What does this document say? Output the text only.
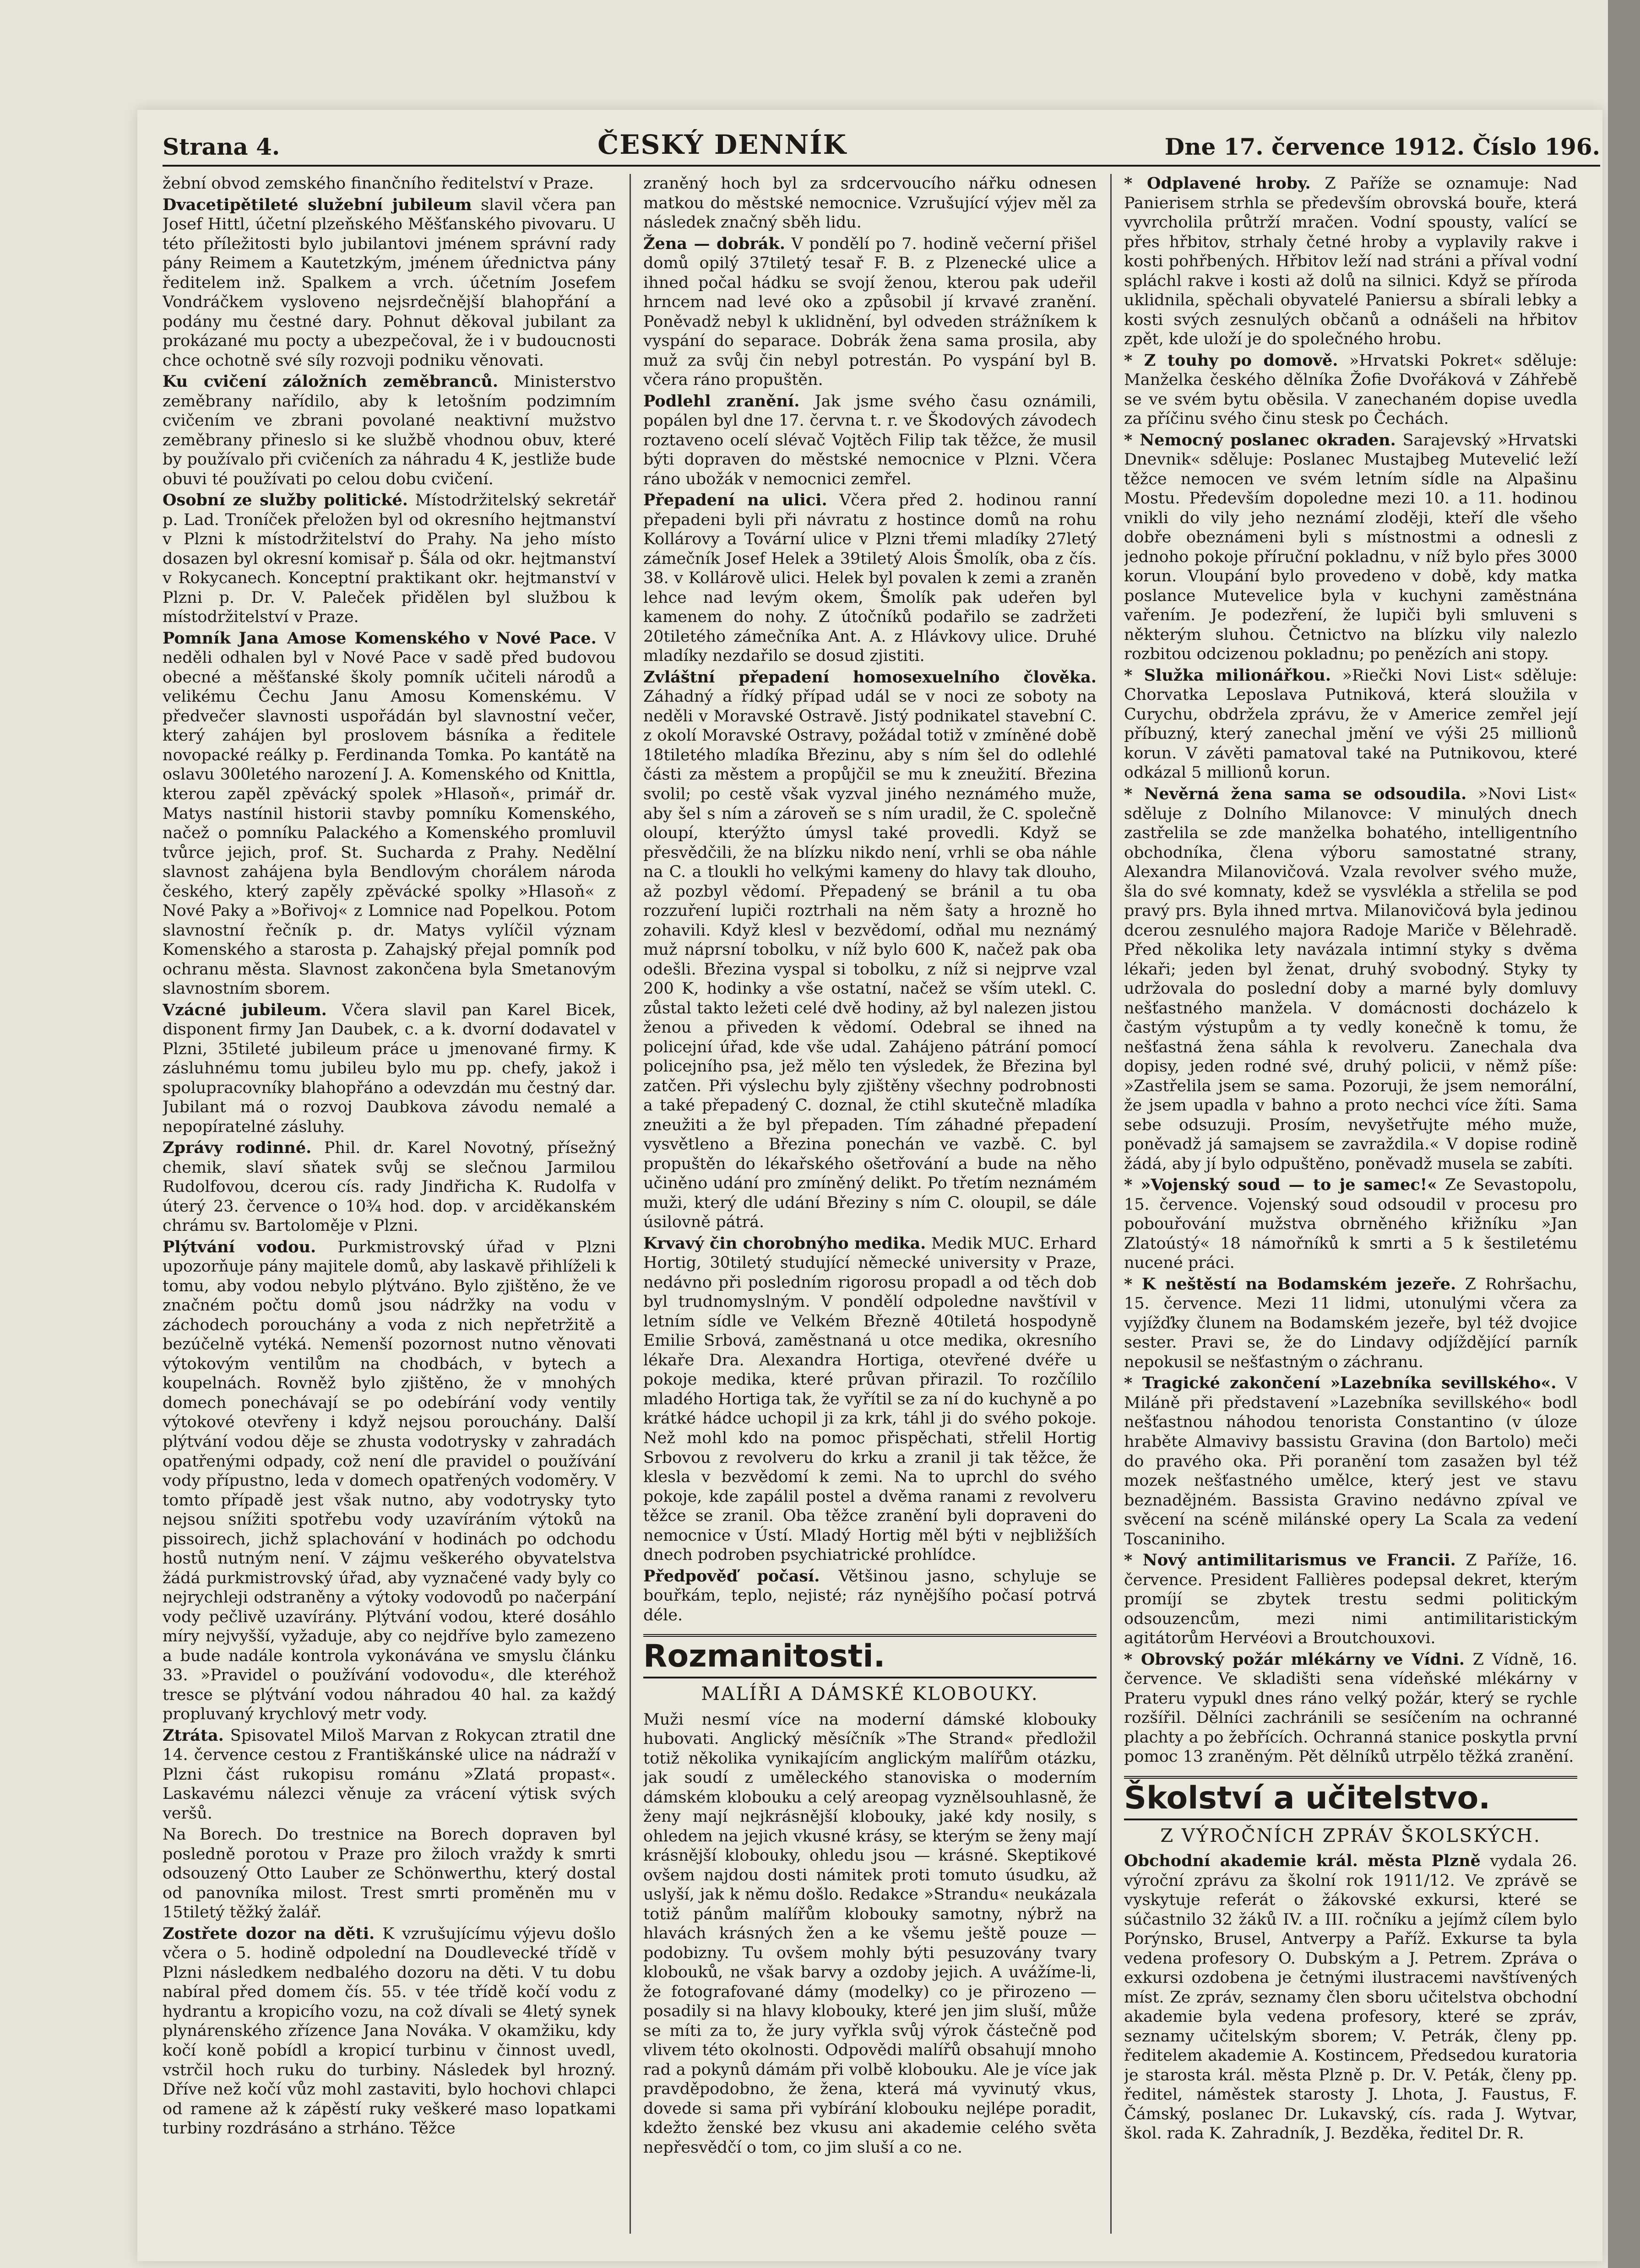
Strana 4.	ČESKÝ DENNÍK	Dne 17. července 1912. Číslo 196.

žební obvod zemského finančního ředitelství v Praze.

Dvacetipětileté služební jubileum slavil včera pan Josef Hittl, účetní plzeňského Měšťanského pivovaru. U této příležitosti bylo jubilantovi jménem správní rady pány Reimem a Kautetzkým, jménem úřednictva pány ředitelem inž. Spalkem a vrch. účetním Josefem Vondráčkem vysloveno nejsrdečnější blahopřání a podány mu čestné dary. Pohnut děkoval jubilant za prokázané mu pocty a ubezpečoval, že i v budoucnosti chce ochotně své síly rozvoji podniku věnovati.

Ku cvičení záložních zeměbranců. Ministerstvo zeměbrany nařídilo, aby k letošním podzimním cvičením ve zbrani povolané neaktivní mužstvo zeměbrany přineslo si ke službě vhodnou obuv, které by používalo při cvičeních za náhradu 4 K, jestliže bude obuvi té používati po celou dobu cvičení.

Osobní ze služby politické. Místodržitelský sekretář p. Lad. Troníček přeložen byl od okresního hejtmanství v Plzni k místodržitelství do Prahy. Na jeho místo dosazen byl okresní komisař p. Šála od okr. hejtmanství v Rokycanech. Konceptní praktikant okr. hejtmanství v Plzni p. Dr. V. Paleček přidělen byl službou k místodržitelství v Praze.

Pomník Jana Amose Komenského v Nové Pace. V neděli odhalen byl v Nové Pace v sadě před budovou obecné a měšťanské školy pomník učiteli národů a velikému Čechu Janu Amosu Komenskému. V předvečer slavnosti uspořádán byl slavnostní večer, který zahájen byl proslovem básníka a ředitele novopacké reálky p. Ferdinanda Tomka. Po kantátě na oslavu 300letého narození J. A. Komenského od Knittla, kterou zapěl zpěvácký spolek »Hlasoň«, primář dr. Matys nastínil historii stavby pomníku Komenského, načež o pomníku Palackého a Komenského promluvil tvůrce jejich, prof. St. Sucharda z Prahy. Nedělní slavnost zahájena byla Bendlovým chorálem národa českého, který zapěly zpěvácké spolky »Hlasoň« z Nové Paky a »Bořivoj« z Lomnice nad Popelkou. Potom slavnostní řečník p. dr. Matys vylíčil význam Komenského a starosta p. Zahajský přejal pomník pod ochranu města. Slavnost zakončena byla Smetanovým slavnostním sborem.

Vzácné jubileum. Včera slavil pan Karel Bicek, disponent firmy Jan Daubek, c. a k. dvorní dodavatel v Plzni, 35tileté jubileum práce u jmenované firmy. K zásluhnému tomu jubileu bylo mu pp. chefy, jakož i spolupracovníky blahopřáno a odevzdán mu čestný dar. Jubilant má o rozvoj Daubkova závodu nemalé a nepopíratelné zásluhy.

Zprávy rodinné. Phil. dr. Karel Novotný, přísežný chemik, slaví sňatek svůj se slečnou Jarmilou Rudolfovou, dcerou cís. rady Jindřicha K. Rudolfa v úterý 23. července o 10¾ hod. dop. v arciděkanském chrámu sv. Bartoloměje v Plzni.

Plýtvání vodou. Purkmistrovský úřad v Plzni upozorňuje pány majitele domů, aby laskavě přihlíželi k tomu, aby vodou nebylo plýtváno. Bylo zjištěno, že ve značném počtu domů jsou nádržky na vodu v záchodech porouchány a voda z nich nepřetržitě a bezúčelně vytéká. Nemenší pozornost nutno věnovati výtokovým ventilům na chodbách, v bytech a koupelnách. Rovněž bylo zjištěno, že v mnohých domech ponechávají se po odebírání vody ventily výtokové otevřeny i když nejsou porouchány. Další plýtvání vodou děje se zhusta vodotrysky v zahradách opatřenými odpady, což není dle pravidel o používání vody přípustno, leda v domech opatřených vodoměry. V tomto případě jest však nutno, aby vodotrysky tyto nejsou snížiti spotřebu vody uzavíráním výtoků na pissoirech, jichž splachování v hodinách po odchodu hostů nutným není. V zájmu veškerého obyvatelstva žádá purkmistrovský úřad, aby vyznačené vady byly co nejrychleji odstraněny a výtoky vodovodů po načerpání vody pečlivě uzavírány. Plýtvání vodou, které dosáhlo míry nejvyšší, vyžaduje, aby co nejdříve bylo zamezeno a bude nadále kontrola vykonávána ve smyslu článku 33. »Pravidel o používání vodovodu«, dle kteréhož tresce se plýtvání vodou náhradou 40 hal. za každý propluvaný krychlový metr vody.

Ztráta. Spisovatel Miloš Marvan z Rokycan ztratil dne 14. července cestou z Františkánské ulice na nádraží v Plzni část rukopisu románu »Zlatá propast«. Laskavému nálezci věnuje za vrácení výtisk svých veršů.

Na Borech. Do trestnice na Borech dopraven byl posledně porotou v Praze pro žiloch vraždy k smrti odsouzený Otto Lauber ze Schönwerthu, který dostal od panovníka milost. Trest smrti proměněn mu v 15tiletý těžký žalář.

Zostřete dozor na děti. K vzrušujícímu výjevu došlo včera o 5. hodině odpolední na Doudlevecké třídě v Plzni následkem nedbalého dozoru na děti. V tu dobu nabíral před domem čís. 55. v tée třídě kočí vodu z hydrantu a kropicího vozu, na což dívali se 4letý synek plynárenského zřízence Jana Nováka. V okamžiku, kdy kočí koně pobídl a kropicí turbinu v činnost uvedl, vstrčil hoch ruku do turbiny. Následek byl hrozný. Dříve než kočí vůz mohl zastaviti, bylo hochovi chlapci od ramene až k zápěstí ruky veškeré maso lopatkami turbiny rozdrásáno a strháno. Těžce

zraněný hoch byl za srdcervoucího nářku odnesen matkou do městské nemocnice. Vzrušující výjev měl za následek značný sběh lidu.

Žena — dobrák. V pondělí po 7. hodině večerní přišel domů opilý 37tiletý tesař F. B. z Plzenecké ulice a ihned počal hádku se svojí ženou, kterou pak udeřil hrncem nad levé oko a způsobil jí krvavé zranění. Poněvadž nebyl k uklidnění, byl odveden strážníkem k vyspání do separace. Dobrák žena sama prosila, aby muž za svůj čin nebyl potrestán. Po vyspání byl B. včera ráno propuštěn.

Podlehl zranění. Jak jsme svého času oznámili, popálen byl dne 17. června t. r. ve Škodových závodech roztaveno ocelí slévač Vojtěch Filip tak těžce, že musil býti dopraven do městské nemocnice v Plzni. Včera ráno ubožák v nemocnici zemřel.

Přepadení na ulici. Včera před 2. hodinou ranní přepadeni byli při návratu z hostince domů na rohu Kollárovy a Tovární ulice v Plzni třemi mladíky 27letý zámečník Josef Helek a 39tiletý Alois Šmolík, oba z čís. 38. v Kollárově ulici. Helek byl povalen k zemi a zraněn lehce nad levým okem, Šmolík pak udeřen byl kamenem do nohy. Z útočníků podařilo se zadržeti 20tiletého zámečníka Ant. A. z Hlávkovy ulice. Druhé mladíky nezdařilo se dosud zjistiti.

Zvláštní přepadení homosexuelního člověka. Záhadný a řídký případ udál se v noci ze soboty na neděli v Moravské Ostravě. Jistý podnikatel stavební C. z okolí Moravské Ostravy, požádal totiž v zmíněné době 18tiletého mladíka Březinu, aby s ním šel do odlehlé části za městem a propůjčil se mu k zneužití. Březina svolil; po cestě však vyzval jiného neznámého muže, aby šel s ním a zároveň se s ním uradil, že C. společně oloupí, kterýžto úmysl také provedli. Když se přesvědčili, že na blízku nikdo není, vrhli se oba náhle na C. a tloukli ho velkými kameny do hlavy tak dlouho, až pozbyl vědomí. Přepadený se bránil a tu oba rozzuření lupiči roztrhali na něm šaty a hrozně ho zohavili. Když klesl v bezvědomí, odňal mu neznámý muž náprsní tobolku, v níž bylo 600 K, načež pak oba odešli. Březina vyspal si tobolku, z níž si nejprve vzal 200 K, hodinky a vše ostatní, načež se vším utekl. C. zůstal takto ležeti celé dvě hodiny, až byl nalezen jistou ženou a přiveden k vědomí. Odebral se ihned na policejní úřad, kde vše udal. Zahájeno pátrání pomocí policejního psa, jež mělo ten výsledek, že Březina byl zatčen. Při výslechu byly zjištěny všechny podrobnosti a také přepadený C. doznal, že ctihl skutečně mladíka zneužiti a že byl přepaden. Tím záhadné přepadení vysvětleno a Březina ponechán ve vazbě. C. byl propuštěn do lékařského ošetřování a bude na něho učiněno udání pro zmíněný delikt. Po třetím neznámém muži, který dle udání Březiny s ním C. oloupil, se dále úsilovně pátrá.

Krvavý čin chorobnýho medika. Medik MUC. Erhard Hortig, 30tiletý studující německé university v Praze, nedávno při posledním rigorosu propadl a od těch dob byl trudnomyslným. V pondělí odpoledne navštívil v letním sídle ve Velkém Březně 40tiletá hospodyně Emilie Srbová, zaměstnaná u otce medika, okresního lékaře Dra. Alexandra Hortiga, otevřené dvéře u pokoje medika, které průvan přirazil. To rozčílilo mladého Hortiga tak, že vyřítil se za ní do kuchyně a po krátké hádce uchopil ji za krk, táhl ji do svého pokoje. Než mohl kdo na pomoc přispěchati, střelil Hortig Srbovou z revolveru do krku a zranil ji tak těžce, že klesla v bezvědomí k zemi. Na to uprchl do svého pokoje, kde zapálil postel a dvěma ranami z revolveru těžce se zranil. Oba těžce zranění byli dopraveni do nemocnice v Ústí. Mladý Hortig měl býti v nejbližších dnech podroben psychiatrické prohlídce.

Předpověď počasí. Většinou jasno, schyluje se bouřkám, teplo, nejisté; ráz nynějšího počasí potrvá déle.

Rozmanitosti.
MALÍŘI A DÁMSKÉ KLOBOUKY.

Muži nesmí více na moderní dámské klobouky hubovati. Anglický měsíčník »The Strand« předložil totiž několika vynikajícím anglickým malířům otázku, jak soudí z uměleckého stanoviska o moderním dámském klobouku a celý areopag vyznělsouhlasně, že ženy mají nejkrásnější klobouky, jaké kdy nosily, s ohledem na jejich vkusné krásy, se kterým se ženy mají krásnější klobouky, ohledu jsou — krásné. Skeptikové ovšem najdou dosti námitek proti tomuto úsudku, až uslyší, jak k němu došlo. Redakce »Strandu« neukázala totiž pánům malířům klobouky samotny, nýbrž na hlavách krásných žen a ke všemu ještě pouze — podobizny. Tu ovšem mohly býti pesuzovány tvary klobouků, ne však barvy a ozdoby jejich. A uvážíme-li, že fotografované dámy (modelky) co je přirozeno — posadily si na hlavy klobouky, které jen jim sluší, může se míti za to, že jury vyřkla svůj výrok částečně pod vlivem této okolnosti. Odpovědi malířů obsahují mnoho rad a pokynů dámám při volbě klobouku. Ale je více jak pravděpodobno, že žena, která má vyvinutý vkus, dovede si sama při vybírání klobouku nejlépe poradit, kdežto ženské bez vkusu ani akademie celého světa nepřesvědčí o tom, co jim sluší a co ne.

* Odplavené hroby. Z Paříže se oznamuje: Nad Panierisem strhla se především obrovská bouře, která vyvrcholila průtrží mračen. Vodní spousty, valící se přes hřbitov, strhaly četné hroby a vyplavily rakve i kosti pohřbených. Hřbitov leží nad stráni a příval vodní spláchl rakve i kosti až dolů na silnici. Když se příroda uklidnila, spěchali obyvatelé Paniersu a sbírali lebky a kosti svých zesnulých občanů a odnášeli na hřbitov zpět, kde uloží je do společného hrobu.

* Z touhy po domově. »Hrvatski Pokret« sděluje: Manželka českého dělníka Žofie Dvořáková v Záhřebě se ve svém bytu oběsila. V zanechaném dopise uvedla za příčinu svého činu stesk po Čechách.

* Nemocný poslanec okraden. Sarajevský »Hrvatski Dnevnik« sděluje: Poslanec Mustajbeg Mutevelić leží těžce nemocen ve svém letním sídle na Alpašinu Mostu. Především dopoledne mezi 10. a 11. hodinou vnikli do vily jeho neznámí zloději, kteří dle všeho dobře obeznámeni byli s místnostmi a odnesli z jednoho pokoje příruční pokladnu, v níž bylo přes 3000 korun. Vloupání bylo provedeno v době, kdy matka poslance Mutevelice byla v kuchyni zaměstnána vařením. Je podezření, že lupiči byli smluveni s některým sluhou. Četnictvo na blízku vily nalezlo rozbitou odcizenou pokladnu; po penězích ani stopy.

* Služka milionářkou. »Riečki Novi List« sděluje: Chorvatka Leposlava Putniková, která sloužila v Curychu, obdržela zprávu, že v Americe zemřel její příbuzný, který zanechal jmění ve výši 25 millionů korun. V závěti pamatoval také na Putnikovou, které odkázal 5 millionů korun.

* Nevěrná žena sama se odsoudila. »Novi List« sděluje z Dolního Milanovce: V minulých dnech zastřelila se zde manželka bohatého, intelligentního obchodníka, člena výboru samostatné strany, Alexandra Milanovičová. Vzala revolver svého muže, šla do své komnaty, kdež se vysvlékla a střelila se pod pravý prs. Byla ihned mrtva. Milanovičová byla jedinou dcerou zesnulého majora Radoje Mariče v Bělehradě. Před několika lety navázala intimní styky s dvěma lékaři; jeden byl ženat, druhý svobodný. Styky ty udržovala do poslední doby a marné byly domluvy nešťastného manžela. V domácnosti docházelo k častým výstupům a ty vedly konečně k tomu, že nešťastná žena sáhla k revolveru. Zanechala dva dopisy, jeden rodné své, druhý policii, v němž píše: »Zastřelila jsem se sama. Pozoruji, že jsem nemorální, že jsem upadla v bahno a proto nechci více žíti. Sama sebe odsuzuji. Prosím, nevyšetřujte mého muže, poněvadž já samajsem se zavraždila.« V dopise rodině žádá, aby jí bylo odpuštěno, poněvadž musela se zabíti.

* »Vojenský soud — to je samec!« Ze Sevastopolu, 15. července. Vojenský soud odsoudil v procesu pro pobouřování mužstva obrněného křižníku »Jan Zlatoústý« 18 námořníků k smrti a 5 k šestiletému nucené práci.

* K neštěstí na Bodamském jezeře. Z Rohršachu, 15. července. Mezi 11 lidmi, utonulými včera za vyjížďky člunem na Bodamském jezeře, byl též dvojice sester. Pravi se, že do Lindavy odjíždějící parník nepokusil se nešťastným o záchranu.

* Tragické zakončení »Lazebníka sevillského«. V Miláně při představení »Lazebníka sevillského« bodl nešťastnou náhodou tenorista Constantino (v úloze hraběte Almavivy bassistu Gravina (don Bartolo) meči do pravého oka. Při poranění tom zasažen byl též mozek nešťastného umělce, který jest ve stavu beznadějném. Bassista Gravino nedávno zpíval ve svěcení na scéně milánské opery La Scala za vedení Toscaniniho.

* Nový antimilitarismus ve Francii. Z Paříže, 16. července. President Fallières podepsal dekret, kterým promíjí se zbytek trestu sedmi politickým odsouzencům, mezi nimi antimilitaristickým agitátorům Hervéovi a Broutchouxovi.

* Obrovský požár mlékárny ve Vídni. Z Vídně, 16. července. Ve skladišti sena vídeňské mlékárny v Prateru vypukl dnes ráno velký požár, který se rychle rozšířil. Dělníci zachránili se sesíčením na ochranné plachty a po žebřících. Ochranná stanice poskytla první pomoc 13 zraněným. Pět dělníků utrpělo těžká zranění.

Školství a učitelstvo.
Z VÝROČNÍCH ZPRÁV ŠKOLSKÝCH.

Obchodní akademie král. města Plzně vydala 26. výroční zprávu za školní rok 1911/12. Ve zprávě se vyskytuje referát o žákovské exkursi, které se súčastnilo 32 žáků IV. a III. ročníku a jejímž cílem bylo Porýnsko, Brusel, Antverpy a Paříž. Exkurse ta byla vedena profesory O. Dubským a J. Petrem. Zpráva o exkursi ozdobena je četnými ilustracemi navštívených míst. Ze zpráv, seznamy člen sboru učitelstva obchodní akademie byla vedena profesory, které se zpráv, seznamy učitelským sborem; V. Petrák, členy pp. ředitelem akademie A. Kostincem, Předsedou kuratoria je starosta král. města Plzně p. Dr. V. Peták, členy pp. ředitel, náměstek starosty J. Lhota, J. Faustus, F. Čámský, poslanec Dr. Lukavský, cís. rada J. Wytvar, škol. rada K. Zahradník, J. Bezděka, ředitel Dr. R.
